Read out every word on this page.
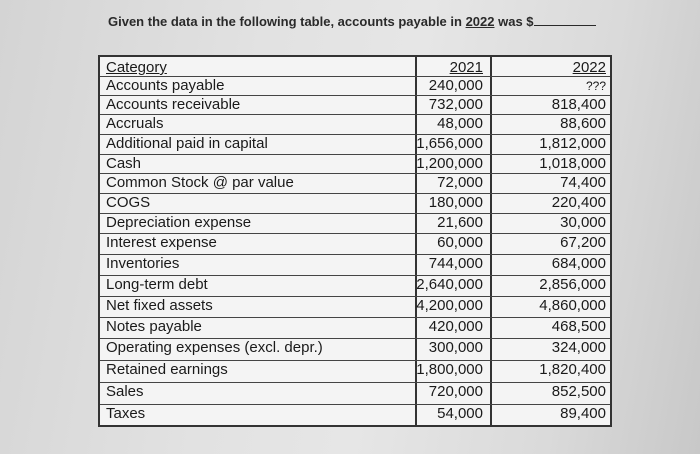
Given the data in the following table, accounts payable in 2022 was $
Category	2021	2022
Accounts payable	240,000	???
Accounts receivable	732,000	818,400
Accruals	48,000	88,600
Additional paid in capital	1,656,000	1,812,000
Cash	1,200,000	1,018,000
Common Stock @ par value	72,000	74,400
COGS	180,000	220,400
Depreciation expense	21,600	30,000
Interest expense	60,000	67,200
Inventories	744,000	684,000
Long-term debt	2,640,000	2,856,000
Net fixed assets	4,200,000	4,860,000
Notes payable	420,000	468,500
Operating expenses (excl. depr.)	300,000	324,000
Retained earnings	1,800,000	1,820,400
Sales	720,000	852,500
Taxes	54,000	89,400
